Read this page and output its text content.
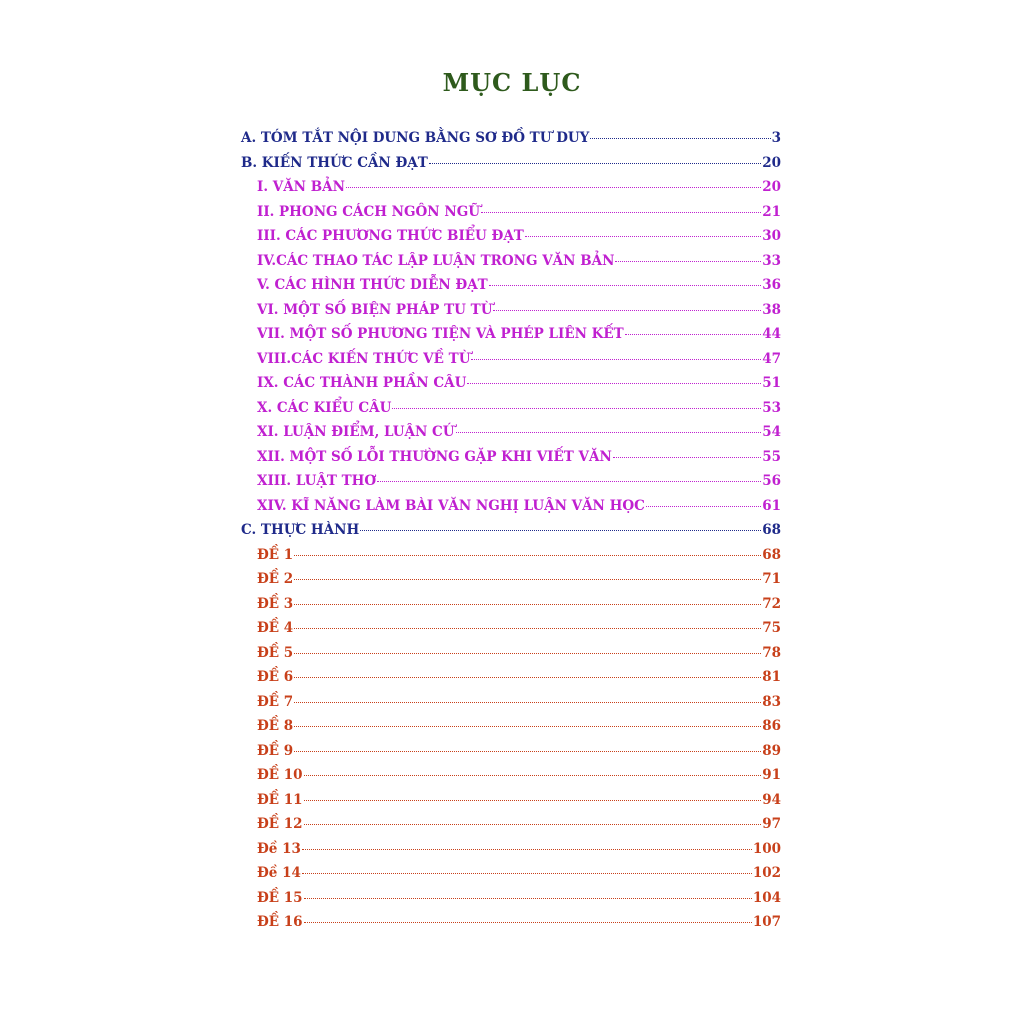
MỤC LỤC
A. TÓM TẮT NỘI DUNG BẰNG SƠ ĐỒ TƯ DUY	3
B. KIẾN THỨC CẦN ĐẠT	20
I. VĂN BẢN	20
II. PHONG CÁCH NGÔN NGỮ	21
III. CÁC PHƯƠNG THỨC BIỂU ĐẠT	30
IV.CÁC THAO TÁC LẬP LUẬN TRONG VĂN BẢN	33
V. CÁC HÌNH THỨC DIỄN ĐẠT	36
VI. MỘT SỐ BIỆN PHÁP TU TỪ	38
VII. MỘT SỐ PHƯƠNG TIỆN VÀ PHÉP LIÊN KẾT	44
VIII.CÁC KIẾN THỨC VỀ TỪ	47
IX. CÁC THÀNH PHẦN CÂU	51
X. CÁC KIỂU CÂU	53
XI. LUẬN ĐIỂM, LUẬN CỨ	54
XII. MỘT SỐ LỖI THƯỜNG GẶP KHI VIẾT VĂN	55
XIII. LUẬT THƠ	56
XIV. KĨ NĂNG LÀM BÀI VĂN NGHỊ LUẬN VĂN HỌC	61
C. THỰC HÀNH	68
ĐỀ 1	68
ĐỀ 2	71
ĐỀ 3	72
ĐỀ 4	75
ĐỀ 5	78
ĐỀ 6	81
ĐỀ 7	83
ĐỀ 8	86
ĐỀ 9	89
ĐỀ 10	91
ĐỀ 11	94
ĐỀ 12	97
Đề 13	100
Đề 14	102
ĐỀ 15	104
ĐỀ 16	107
